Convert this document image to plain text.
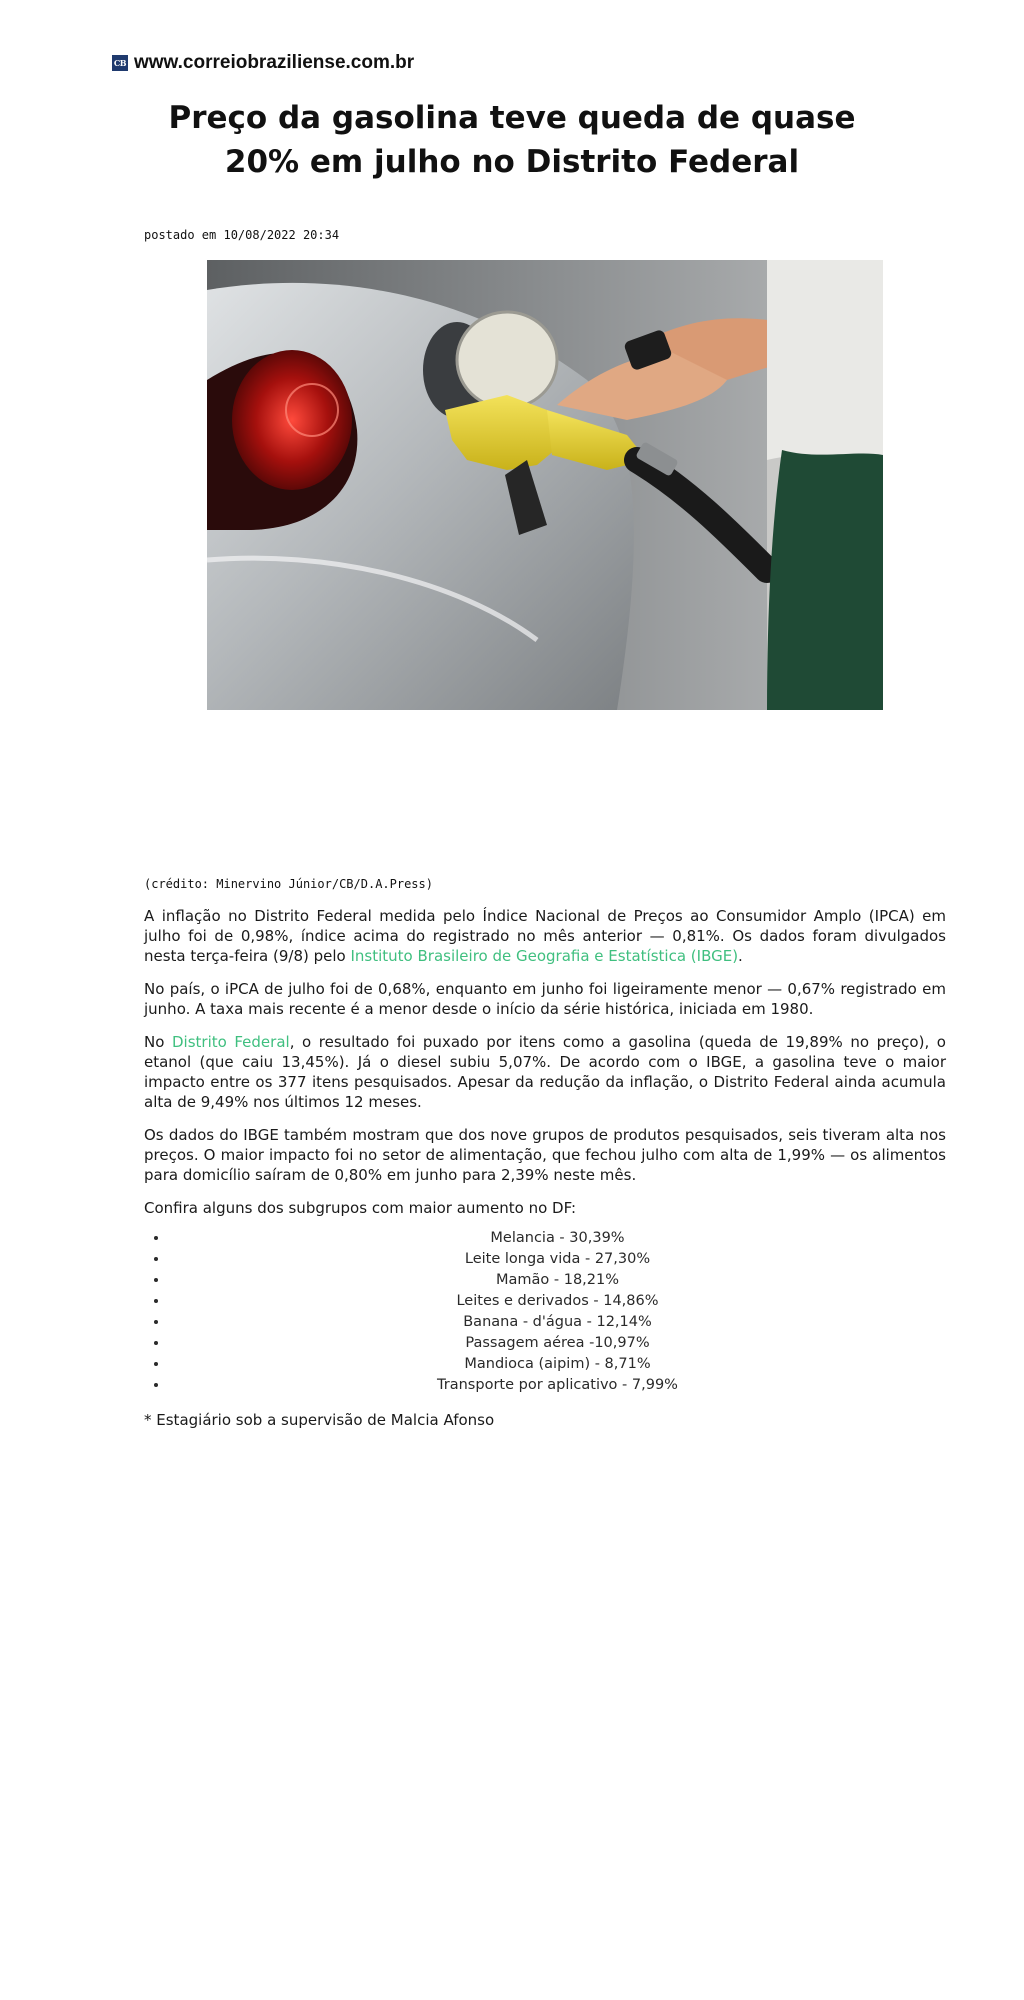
CB www.correiobraziliense.com.br
Preço da gasolina teve queda de quase 20% em julho no Distrito Federal
postado em 10/08/2022 20:34
(crédito: Minervino Júnior/CB/D.A.Press)

A inflação no Distrito Federal medida pelo Índice Nacional de Preços ao Consumidor Amplo (IPCA) em julho foi de 0,98%, índice acima do registrado no mês anterior — 0,81%. Os dados foram divulgados nesta terça-feira (9/8) pelo Instituto Brasileiro de Geografia e Estatística (IBGE).

No país, o iPCA de julho foi de 0,68%, enquanto em junho foi ligeiramente menor — 0,67% registrado em junho. A taxa mais recente é a menor desde o início da série histórica, iniciada em 1980.

No Distrito Federal, o resultado foi puxado por itens como a gasolina (queda de 19,89% no preço), o etanol (que caiu 13,45%). Já o diesel subiu 5,07%. De acordo com o IBGE, a gasolina teve o maior impacto entre os 377 itens pesquisados. Apesar da redução da inflação, o Distrito Federal ainda acumula alta de 9,49% nos últimos 12 meses.

Os dados do IBGE também mostram que dos nove grupos de produtos pesquisados, seis tiveram alta nos preços. O maior impacto foi no setor de alimentação, que fechou julho com alta de 1,99% — os alimentos para domicílio saíram de 0,80% em junho para 2,39% neste mês.

Confira alguns dos subgrupos com maior aumento no DF:

• Melancia - 30,39%
• Leite longa vida - 27,30%
• Mamão - 18,21%
• Leites e derivados - 14,86%
• Banana - d'água - 12,14%
• Passagem aérea -10,97%
• Mandioca (aipim) - 8,71%
• Transporte por aplicativo - 7,99%

* Estagiário sob a supervisão de Malcia Afonso
